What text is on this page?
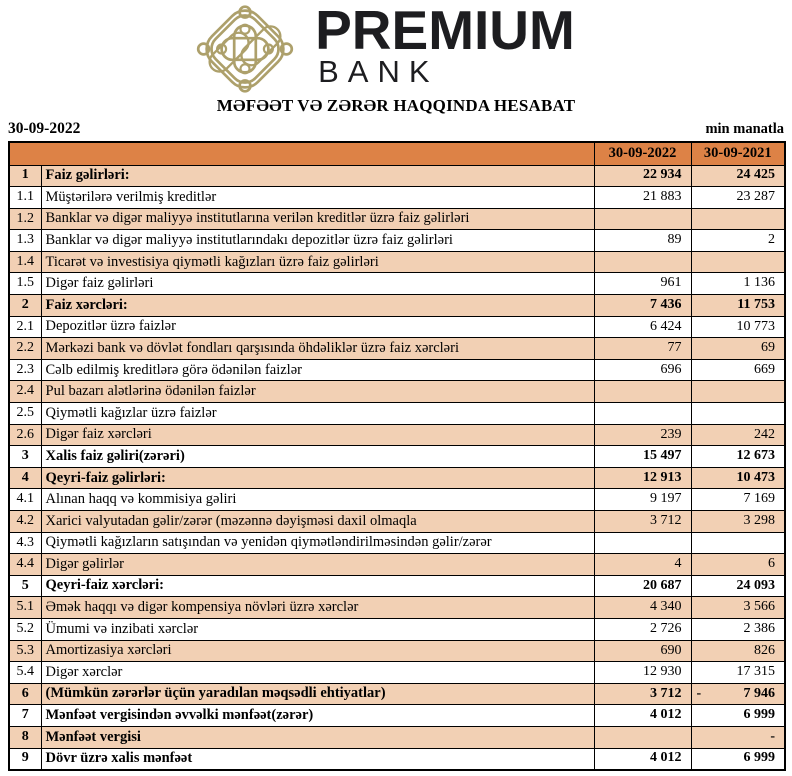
PREMIUM
BANK
MƏFƏƏT VƏ ZƏRƏR HAQQINDA HESABAT
30-09-2022	min manatla
		30-09-2022	30-09-2021
1	Faiz gəlirləri:	22 934	24 425
1.1	Müştərilərə verilmiş kreditlər	21 883	23 287
1.2	Banklar və digər maliyyə institutlarına verilən kreditlər üzrə faiz gəlirləri		
1.3	Banklar və digər maliyyə institutlarındakı depozitlər üzrə faiz gəlirləri	89	2
1.4	Ticarət və investisiya qiymətli kağızları üzrə faiz gəlirləri		
1.5	Digər faiz gəlirləri	961	1 136
2	Faiz xərcləri:	7 436	11 753
2.1	Depozitlər üzrə faizlər	6 424	10 773
2.2	Mərkəzi bank və dövlət fondları qarşısında öhdəliklər üzrə faiz xərcləri	77	69
2.3	Cəlb edilmiş kreditlərə görə ödənilən faizlər	696	669
2.4	Pul bazarı alətlərinə ödənilən faizlər		
2.5	Qiymətli kağızlar üzrə faizlər		
2.6	Digər faiz xərcləri	239	242
3	Xalis faiz gəliri(zərəri)	15 497	12 673
4	Qeyri-faiz gəlirləri:	12 913	10 473
4.1	Alınan haqq və kommisiya gəliri	9 197	7 169
4.2	Xarici valyutadan gəlir/zərər (məzənnə dəyişməsi daxil olmaqla	3 712	3 298
4.3	Qiymətli kağızların satışından və yenidən qiymətləndirilməsindən gəlir/zərər		
4.4	Digər gəlirlər	4	6
5	Qeyri-faiz xərcləri:	20 687	24 093
5.1	Əmək haqqı və digər kompensiya növləri üzrə xərclər	4 340	3 566
5.2	Ümumi və inzibati xərclər	2 726	2 386
5.3	Amortizasiya xərcləri	690	826
5.4	Digər xərclər	12 930	17 315
6	(Mümkün zərərlər üçün yaradılan məqsədli ehtiyatlar)	3 712	- 7 946

7	Mənfəət vergisindən əvvəlki mənfəət(zərər)	4 012	6 999
8	Mənfəət vergisi		-
9	Dövr üzrə xalis mənfəət	4 012	6 999
